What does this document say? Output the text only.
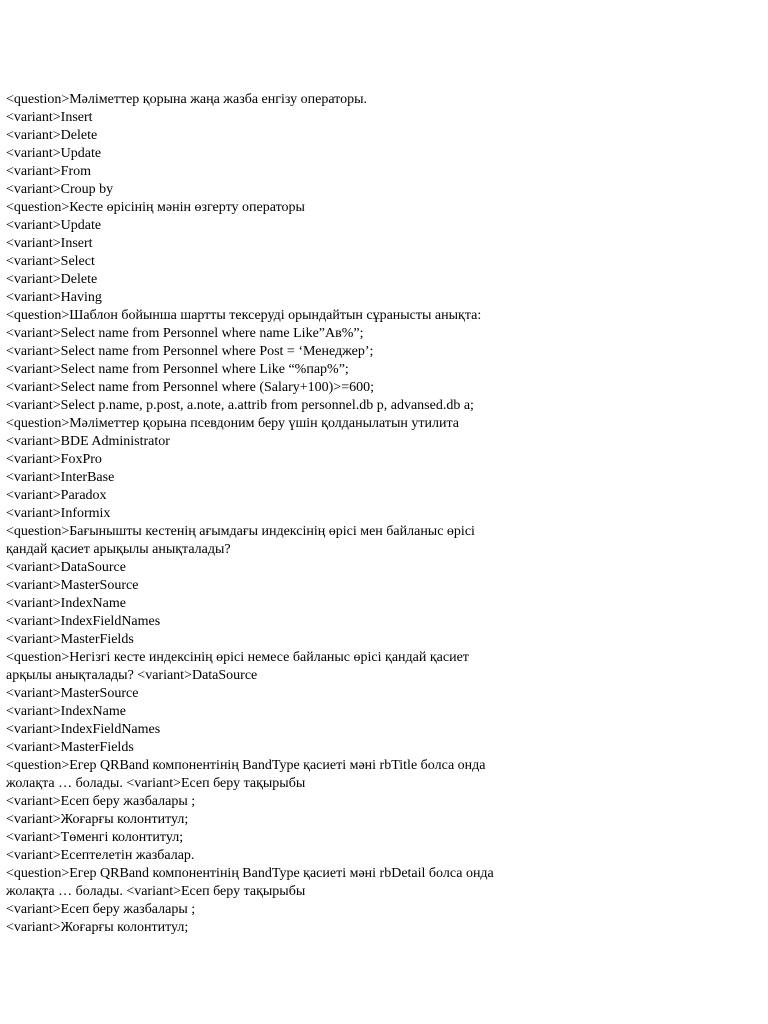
<question>Мәліметтер қорына жаңа жазба енгізу операторы.
<variant>Insert
<variant>Delete
<variant>Update
<variant>From
<variant>Croup by
<question>Кесте өрісінің мәнін өзгерту операторы
<variant>Update
<variant>Insert
<variant>Select
<variant>Delete
<variant>Having
<question>Шаблон бойынша шартты тексеруді орындайтын сұранысты анықта:
<variant>Select name from Personnel where name Like”Ав%”;
<variant>Select name from Personnel where Post = ‘Менеджер’;
<variant>Select name from Personnel where Like “%пар%”;
<variant>Select name from Personnel where (Salary+100)>=600;
<variant>Select p.name, p.post, a.note, a.attrib from personnel.db p, advansed.db a;
<question>Мәліметтер қорына псевдоним беру үшін қолданылатын утилита
<variant>BDE Administrator
<variant>FoxPro
<variant>InterBase
<variant>Paradox
<variant>Informix
<question>Бағынышты кестенің ағымдағы индексінің өрісі мен байланыс өрісі
қандай қасиет арықылы анықталады?
<variant>DataSource
<variant>MasterSource
<variant>IndexName
<variant>IndexFieldNames
<variant>MasterFields
<question>Негізгі кесте индексінің өрісі немесе байланыс өрісі қандай қасиет
арқылы анықталады? <variant>DataSource
<variant>MasterSource
<variant>IndexName
<variant>IndexFieldNames
<variant>MasterFields
<question>Егер QRBand компонентінің BandType қасиеті мәні rbTitle болса онда
жолақта … болады. <variant>Есеп беру тақырыбы
<variant>Есеп беру жазбалары ;
<variant>Жоғарғы колонтитул;
<variant>Төменгі колонтитул;
<variant>Есептелетін жазбалар.
<question>Егер QRBand компонентінің BandType қасиеті мәні rbDetail болса онда
жолақта … болады. <variant>Есеп беру тақырыбы
<variant>Есеп беру жазбалары ;
<variant>Жоғарғы колонтитул;
